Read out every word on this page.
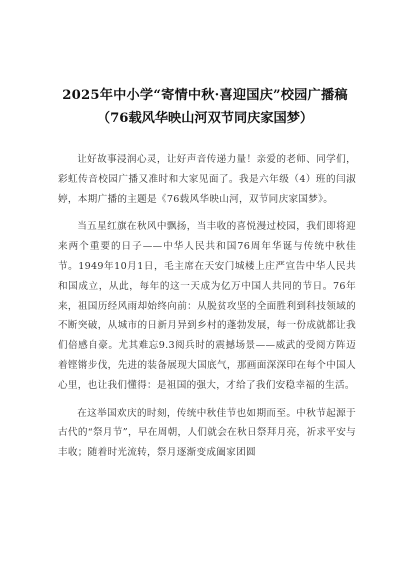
2025年中小学“寄情中秋·喜迎国庆”校园广播稿
（76载风华映山河双节同庆家国梦）

让好故事浸润心灵，让好声音传递力量！亲爱的老师、同学们，彩虹传音校园广播又准时和大家见面了。我是六年级（4）班的闫淑婷，本期广播的主题是《76载风华映山河，双节同庆家国梦》。

当五星红旗在秋风中飘扬，当丰收的喜悦漫过校园，我们即将迎来两个重要的日子——中华人民共和国76周年华诞与传统中秋佳节。1949年10月1日，毛主席在天安门城楼上庄严宣告中华人民共和国成立，从此，每年的这一天成为亿万中国人共同的节日。76年来，祖国历经风雨却始终向前：从脱贫攻坚的全面胜利到科技领域的不断突破，从城市的日新月异到乡村的蓬勃发展，每一份成就都让我们倍感自豪。尤其难忘9.3阅兵时的震撼场景——威武的受阅方阵迈着铿锵步伐，先进的装备展现大国底气，那画面深深印在每个中国人心里，也让我们懂得：是祖国的强大，才给了我们安稳幸福的生活。

在这举国欢庆的时刻，传统中秋佳节也如期而至。中秋节起源于古代的“祭月节”，早在周朝，人们就会在秋日祭拜月亮，祈求平安与丰收；随着时光流转，祭月逐渐变成阖家团圆
